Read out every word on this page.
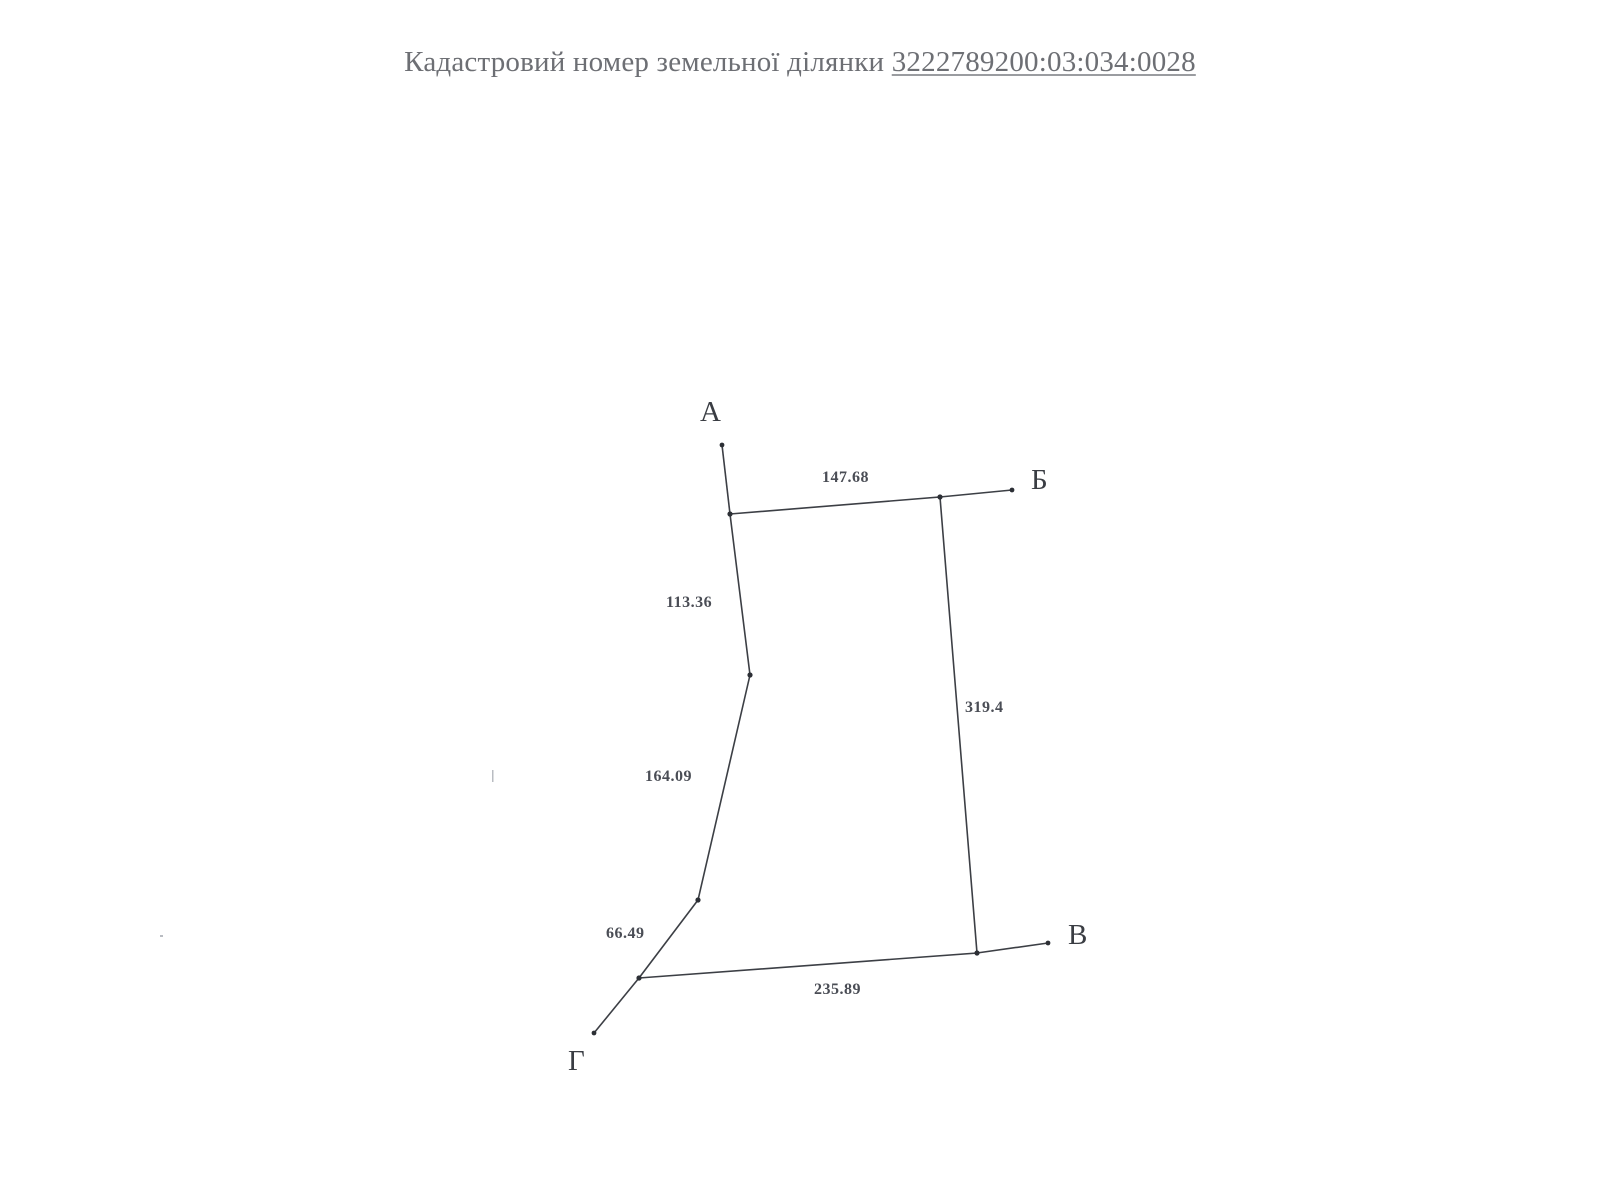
Кадастровий номер земельної ділянки 3222789200:03:034:0028
А
Б
В
Г
147.68
113.36
319.4
164.09
66.49
235.89
